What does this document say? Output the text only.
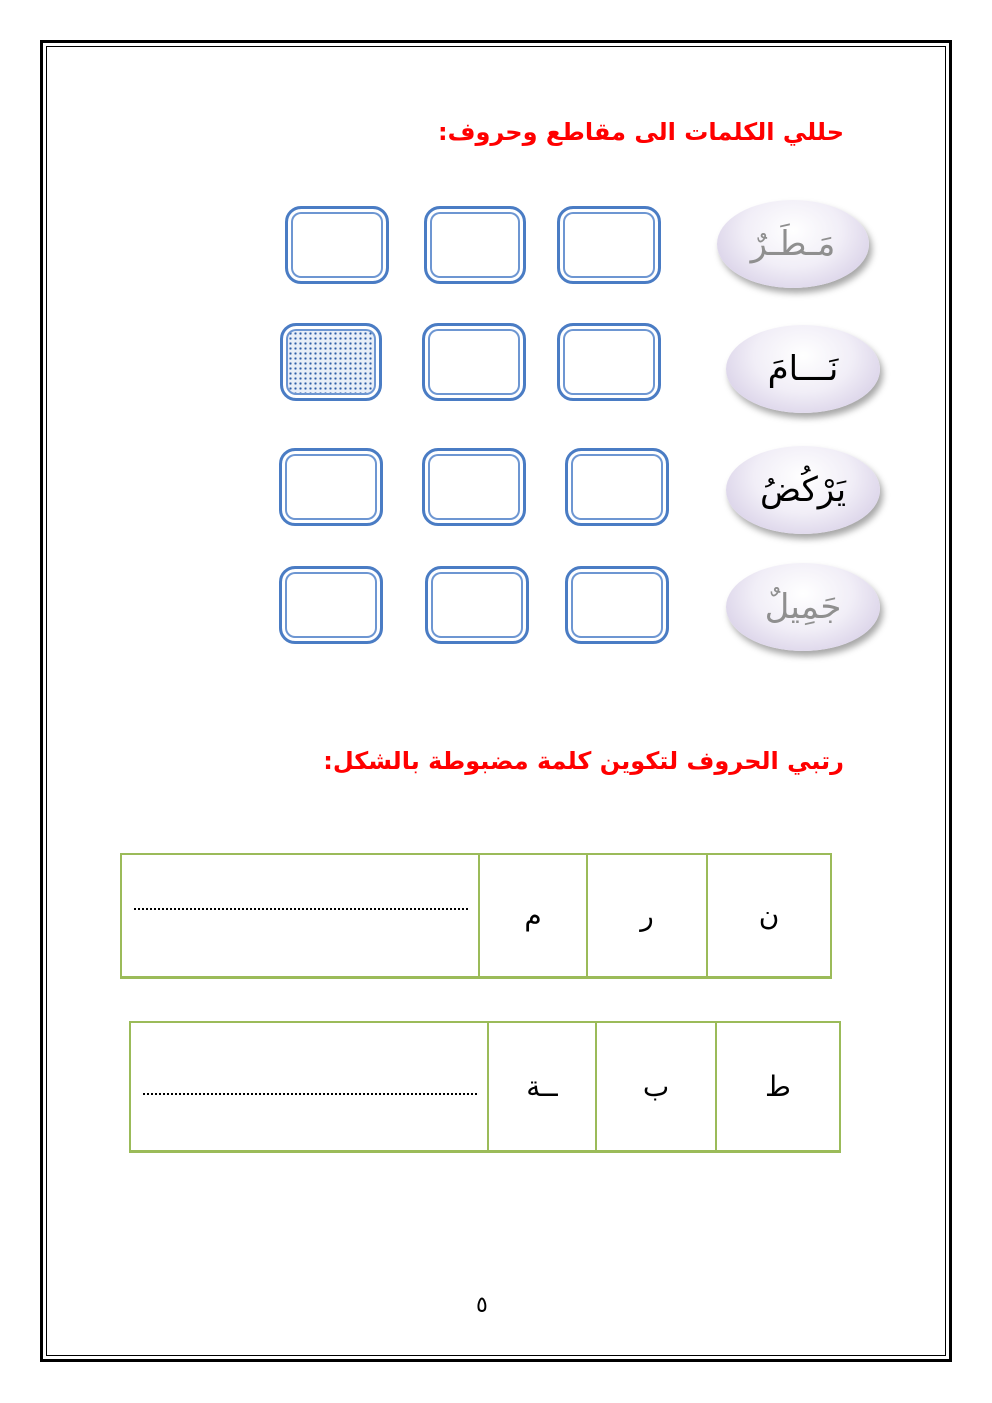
حللي الكلمات الى مقاطع وحروف:
مَـطَـرٌ
نَـــامَ
يَرْكُضُ
جَمِيلٌ
رتبي الحروف لتكوين كلمة مضبوطة بالشكل:
ن	ر	م	
ط	ب	ــة	
٥
